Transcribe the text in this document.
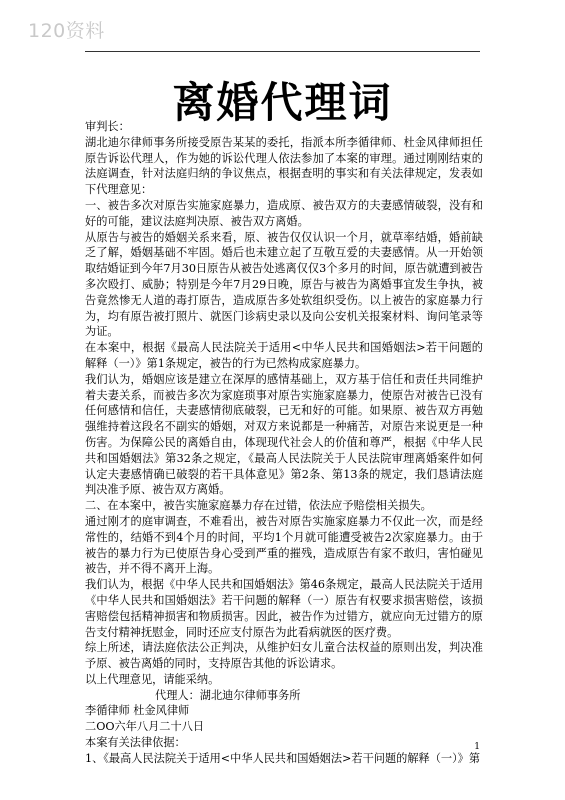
120资料
离婚代理词

审判长：

湖北迪尔律师事务所接受原告某某的委托，指派本所李循律师、杜金风律师担任原告诉讼代理人，作为她的诉讼代理人依法参加了本案的审理。通过刚刚结束的法庭调查，针对法庭归纳的争议焦点，根据查明的事实和有关法律规定，发表如下代理意见：

一、被告多次对原告实施家庭暴力，造成原、被告双方的夫妻感情破裂，没有和好的可能，建议法庭判决原、被告双方离婚。

从原告与被告的婚姻关系来看，原、被告仅仅认识一个月，就草率结婚，婚前缺乏了解，婚姻基础不牢固。婚后也未建立起了互敬互爱的夫妻感情。从一开始领取结婚证到今年7月30日原告从被告处逃离仅仅3个多月的时间，原告就遭到被告多次殴打、威胁；特别是今年7月29日晚，原告与被告为离婚事宜发生争执，被告竟然惨无人道的毒打原告，造成原告多处软组织受伤。以上被告的家庭暴力行为，均有原告被打照片、就医门诊病史录以及向公安机关报案材料、询问笔录等为证。

在本案中，根据《最高人民法院关于适用<中华人民共和国婚姻法>若干问题的解释（一）》第1条规定，被告的行为已然构成家庭暴力。

我们认为，婚姻应该是建立在深厚的感情基础上，双方基于信任和责任共同维护着夫妻关系，而被告多次为家庭琐事对原告实施家庭暴力，使原告对被告已没有任何感情和信任，夫妻感情彻底破裂，已无和好的可能。如果原、被告双方再勉强维持着这段名不副实的婚姻，对双方来说都是一种痛苦，对原告来说更是一种伤害。为保障公民的离婚自由，体现现代社会人的价值和尊严，根据《中华人民共和国婚姻法》第32条之规定，《最高人民法院关于人民法院审理离婚案件如何认定夫妻感情确已破裂的若干具体意见》第2条、第13条的规定，我们恳请法庭判决准予原、被告双方离婚。

二、在本案中，被告实施家庭暴力存在过错，依法应予赔偿相关损失。

通过刚才的庭审调查，不难看出，被告对原告实施家庭暴力不仅此一次，而是经常性的，结婚不到4个月的时间，平均1个月就可能遭受被告2次家庭暴力。由于被告的暴力行为已使原告身心受到严重的摧残，造成原告有家不敢归，害怕碰见被告，并不得不离开上海。

我们认为，根据《中华人民共和国婚姻法》第46条规定，最高人民法院关于适用《中华人民共和国婚姻法》若干问题的解释（一）原告有权要求损害赔偿，该损害赔偿包括精神损害和物质损害。因此，被告作为过错方，就应向无过错方的原告支付精神抚慰金，同时还应支付原告为此看病就医的医疗费。

综上所述，请法庭依法公正判决，从维护妇女儿童合法权益的原则出发，判决准予原、被告离婚的同时，支持原告其他的诉讼请求。

以上代理意见，请能采纳。

代理人：湖北迪尔律师事务所

李循律师 杜金风律师

二OO六年八月二十八日

本案有关法律依据：

1、《最高人民法院关于适用<中华人民共和国婚姻法>若干问题的解释（一）》第

1
